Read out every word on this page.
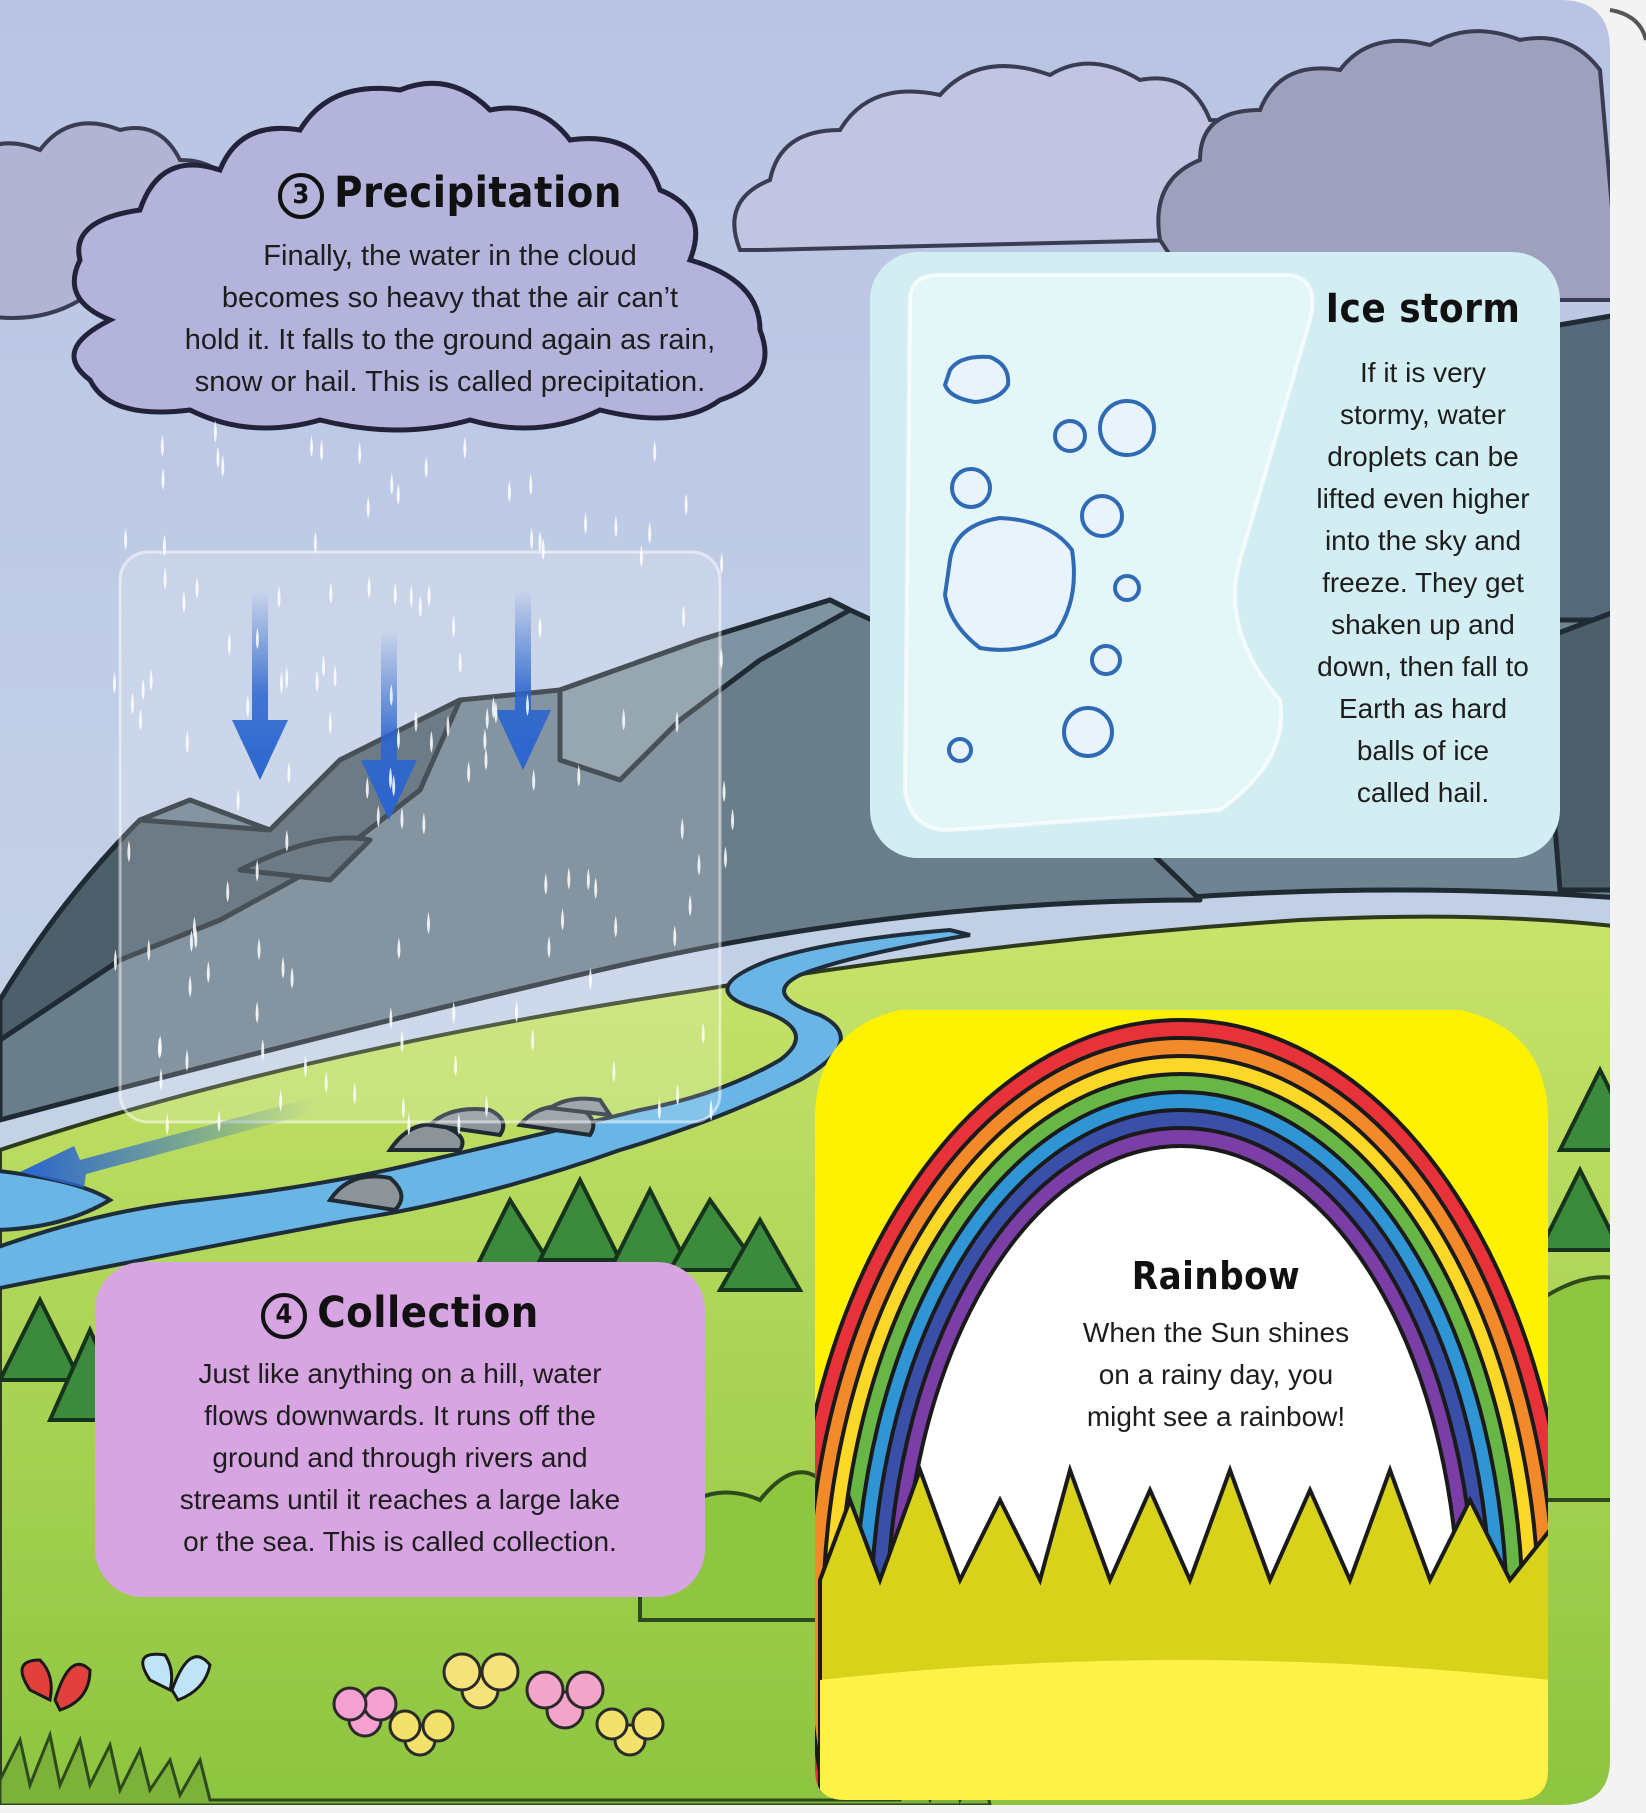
3 Precipitation
Finally, the water in the cloud
becomes so heavy that the air can’t
hold it. It falls to the ground again as rain,
snow or hail. This is called precipitation.
Ice storm
If it is very
stormy, water
droplets can be
lifted even higher
into the sky and
freeze. They get
shaken up and
down, then fall to
Earth as hard
balls of ice
called hail.
4 Collection
Just like anything on a hill, water
flows downwards. It runs off the
ground and through rivers and
streams until it reaches a large lake
or the sea. This is called collection.
Rainbow
When the Sun shines
on a rainy day, you
might see a rainbow!
